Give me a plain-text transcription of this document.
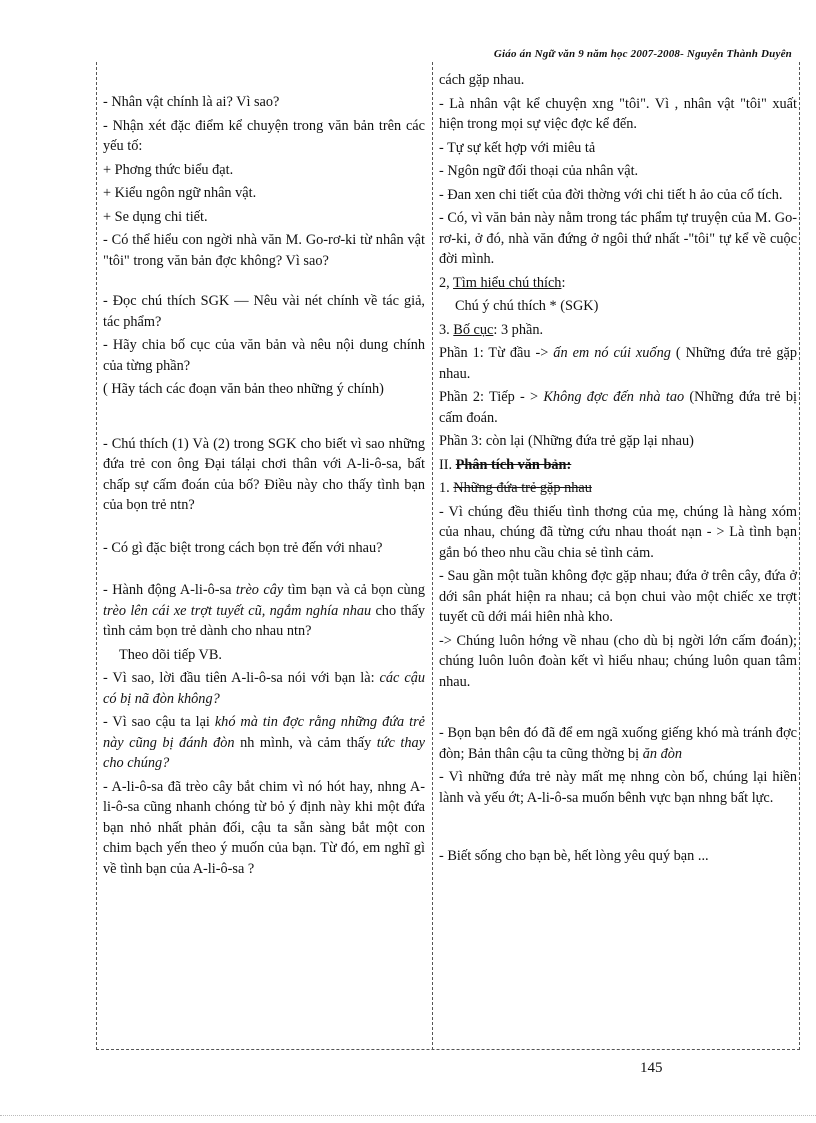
Giáo án Ngữ văn 9 năm học 2007-2008- Nguyễn Thành Duyên

- Nhân vật chính là ai? Vì sao?

- Nhận xét đặc điểm kể chuyện trong văn bản trên các yếu tố:

+ Phơng thức biểu đạt.

+ Kiểu ngôn ngữ nhân vật.

+ Se dụng chi tiết.

- Có thể hiểu con ngời nhà văn M. Go-rơ-ki từ nhân vật "tôi" trong văn bản đợc không? Vì sao?

- Đọc chú thích SGK — Nêu vài nét chính về tác giả, tác phẩm?

- Hãy chia bố cục của văn bản và nêu nội dung chính của từng phần?

( Hãy tách các đoạn văn bản theo những ý chính)

- Chú thích (1) Và (2) trong SGK cho biết vì sao những đứa trẻ con ông Đại tálại chơi thân với A-li-ô-sa, bất chấp sự cấm đoán của bố? Điều này cho thấy tình bạn của bọn trẻ ntn?

- Có gì đặc biệt trong cách bọn trẻ đến với nhau?

- Hành động A-li-ô-sa trèo cây tìm bạn và cả bọn cùng trèo lên cái xe trợt tuyết cũ, ngắm nghía nhau cho thấy tình cảm bọn trẻ dành cho nhau ntn?

Theo dõi tiếp VB.

- Vì sao, lời đầu tiên A-li-ô-sa nói với bạn là: các cậu có bị nã đòn không?

- Vì sao cậu ta lại khó mà tin đợc rằng những đứa trẻ này cũng bị đánh đòn nh mình, và cảm thấy tức thay cho chúng?

- A-li-ô-sa đã trèo cây bắt chim vì nó hót hay, nhng A-li-ô-sa cũng nhanh chóng từ bỏ ý định này khi một đứa bạn nhỏ nhất phản đối, cậu ta sẵn sàng bắt một con chim bạch yến theo ý muốn của bạn. Từ đó, em nghĩ gì về tình bạn của A-li-ô-sa ?

cách gặp nhau.

- Là nhân vật kể chuyện xng "tôi". Vì , nhân vật "tôi" xuất hiện trong mọi sự việc đợc kể đến.

- Tự sự kết hợp với miêu tả

- Ngôn ngữ đối thoại của nhân vật.

- Đan xen chi tiết của đời thờng với chi tiết h ảo của cổ tích.

- Có, vì văn bản này nằm trong tác phẩm tự truyện của M. Go-rơ-ki, ở đó, nhà văn đứng ở ngôi thứ nhất -"tôi" tự kể về cuộc đời mình.

2, Tìm hiểu chú thích:

Chú ý chú thích * (SGK)

3. Bố cục: 3 phần.

Phần 1: Từ đầu -> ấn em nó cúi xuống ( Những đứa trẻ gặp nhau.

Phần 2: Tiếp - > Không đợc đến nhà tao (Những đứa trẻ bị cấm đoán.

Phần 3: còn lại (Những đứa trẻ gặp lại nhau)

II. Phân tích văn bản:

1. Những đứa trẻ gặp nhau

- Vì chúng đều thiếu tình thơng của mẹ, chúng là hàng xóm của nhau, chúng đã từng cứu nhau thoát nạn - > Là tình bạn gắn bó theo nhu cầu chia sẻ tình cảm.

- Sau gần một tuần không đợc gặp nhau; đứa ở trên cây, đứa ở dới sân phát hiện ra nhau; cả bọn chui vào một chiếc xe trợt tuyết cũ dới mái hiên nhà kho.

-> Chúng luôn hớng về nhau (cho dù bị ngời lớn cấm đoán); chúng luôn luôn đoàn kết vì hiểu nhau; chúng luôn quan tâm nhau.

- Bọn bạn bên đó đã để em ngã xuống giếng khó mà tránh đợc đòn; Bản thân cậu ta cũng thờng bị ăn đòn

- Vì những đứa trẻ này mất mẹ nhng còn bố, chúng lại hiền lành và yếu ớt; A-li-ô-sa muốn bênh vực bạn nhng bất lực.

- Biết sống cho bạn bè, hết lòng yêu quý bạn ...

145
